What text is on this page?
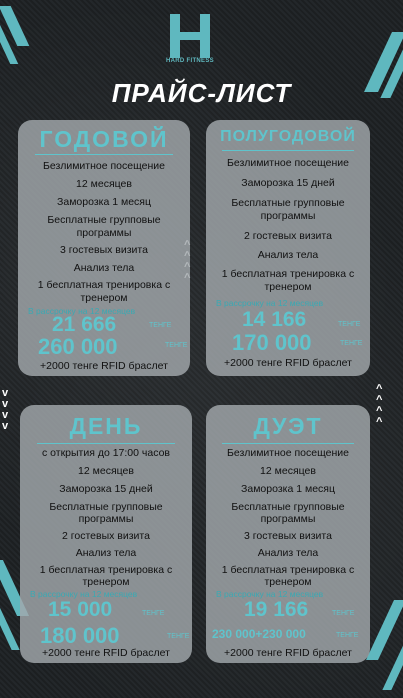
HARD FITNESS
ПРАЙС-ЛИСТ

v
v
v
v
^
^
^
^
ГОДОВОЙ
Безлимитное посещение
12 месяцев
Заморозка 1 месяц
Бесплатные групповые
программы
3 гостевых визита
Анализ тела
1 бесплатная тренировка с
тренером
В рассрочку на 12 месяцев
21 666	ТЕНГЕ
260 000	ТЕНГЕ
+2000 тенге RFID браслет
ПОЛУГОДОВОЙ
Безлимитное посещение
Заморозка 15 дней
Бесплатные групповые
программы
2 гостевых визита
Анализ тела
1 бесплатная тренировка с
тренером
В рассрочку на 12 месяцев
14 166	ТЕНГЕ
170 000	ТЕНГЕ
+2000 тенге RFID браслет
ДЕНЬ
с открытия до 17:00 часов
12 месяцев
Заморозка 15 дней
Бесплатные групповые
программы
2 гостевых визита
Анализ тела
1 бесплатная тренировка с
тренером
В рассрочку на 12 месяцев
15 000	ТЕНГЕ
180 000	ТЕНГЕ
+2000 тенге RFID браслет
ДУЭТ
Безлимитное посещение
12 месяцев
Заморозка 1 месяц
Бесплатные групповые
программы
3 гостевых визита
Анализ тела
1 бесплатная тренировка с
тренером
В рассрочку на 12 месяцев
19 166	ТЕНГЕ
230 000+230 000	ТЕНГЕ
+2000 тенге RFID браслет
